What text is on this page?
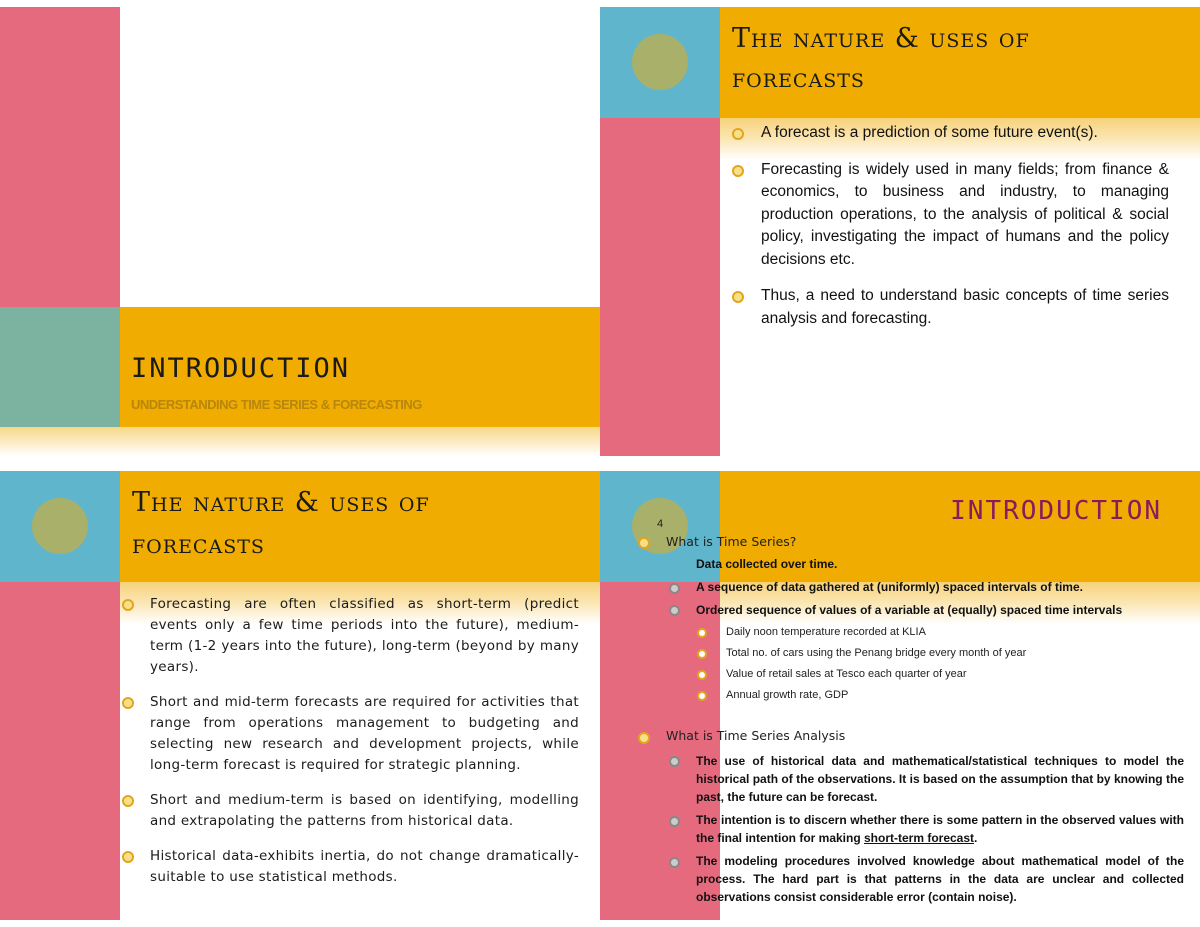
INTRODUCTION
UNDERSTANDING TIME SERIES & FORECASTING
The nature & uses of
forecasts
A forecast is a prediction of some future event(s).
Forecasting is widely used in many fields; from finance & economics, to business and industry, to managing production operations, to the analysis of political & social policy, investigating the impact of humans and the policy decisions etc.
Thus, a need to understand basic concepts of time series analysis and forecasting.
The nature & uses of
forecasts
Forecasting are often classified as short-term (predict events only a few time periods into the future), medium-term (1-2 years into the future), long-term (beyond by many years).
Short and mid-term forecasts are required for activities that range from operations management to budgeting and selecting new research and development projects, while long-term forecast is required for strategic planning.
Short and medium-term is based on identifying, modelling and extrapolating the patterns from historical data.
Historical data-exhibits inertia, do not change dramatically-suitable to use statistical methods.
4	INTRODUCTION
What is Time Series?
Data collected over time.
A sequence of data gathered at (uniformly) spaced intervals of time.
Ordered sequence of values of a variable at (equally) spaced time intervals
Daily noon temperature recorded at KLIA
Total no. of cars using the Penang bridge every month of year
Value of retail sales at Tesco each quarter of year
Annual growth rate, GDP
What is Time Series Analysis
The use of historical data and mathematical/statistical techniques to model the historical path of the observations. It is based on the assumption that by knowing the past, the future can be forecast.
The intention is to discern whether there is some pattern in the observed values with the final intention for making short-term forecast.
The modeling procedures involved knowledge about mathematical model of the process. The hard part is that patterns in the data are unclear and collected observations consist considerable error (contain noise).
